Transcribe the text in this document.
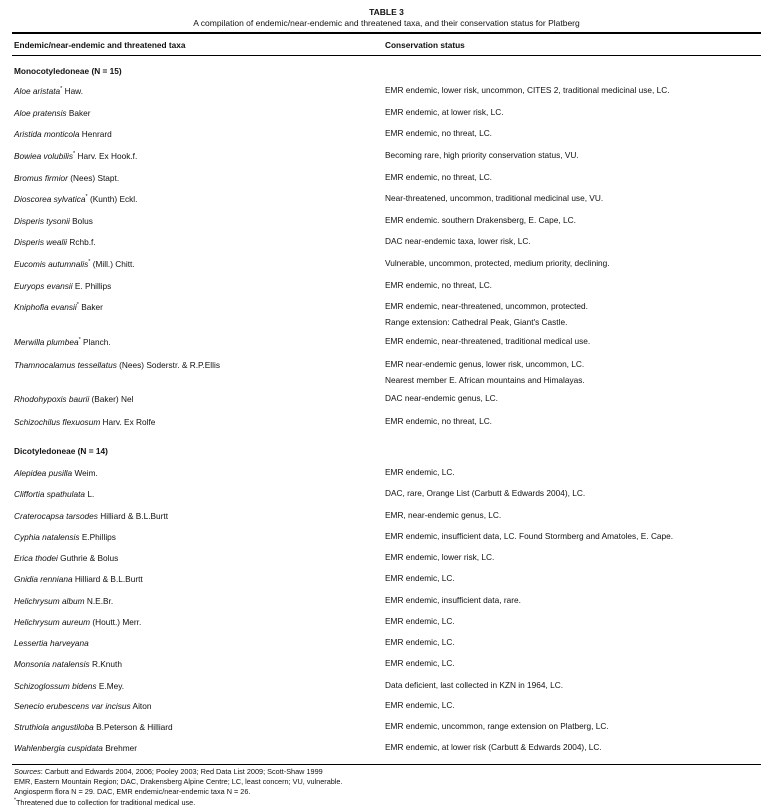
TABLE 3
A compilation of endemic/near-endemic and threatened taxa, and their conservation status for Platberg
Endemic/near-endemic and threatened taxa	Conservation status
Monocotyledoneae (N = 15)
Aloe aristata* Haw.	EMR endemic, lower risk, uncommon, CITES 2, traditional medicinal use, LC.
Aloe pratensis Baker	EMR endemic, at lower risk, LC.
Aristida monticola Henrard	EMR endemic, no threat, LC.
Bowiea volubilis* Harv. Ex Hook.f.	Becoming rare, high priority conservation status, VU.
Bromus firmior (Nees) Stapt.	EMR endemic, no threat, LC.
Dioscorea sylvatica* (Kunth) Eckl.	Near-threatened, uncommon, traditional medicinal use, VU.
Disperis tysonii Bolus	EMR endemic. southern Drakensberg, E. Cape, LC.
Disperis wealii Rchb.f.	DAC near-endemic taxa, lower risk, LC.
Eucomis autumnalis* (Mill.) Chitt.	Vulnerable, uncommon, protected, medium priority, declining.
Euryops evansii E. Phillips	EMR endemic, no threat, LC.
Kniphofia evansii* Baker	EMR endemic, near-threatened, uncommon, protected.
Range extension: Cathedral Peak, Giant's Castle.
Merwilla plumbea* Planch.	EMR endemic, near-threatened, traditional medical use.
Thamnocalamus tessellatus (Nees) Soderstr. & R.P.Ellis	EMR near-endemic genus, lower risk, uncommon, LC.
Nearest member E. African mountains and Himalayas.
Rhodohypoxis baurii (Baker) Nel	DAC near-endemic genus, LC.
Schizochilus flexuosum Harv. Ex Rolfe	EMR endemic, no threat, LC.
Dicotyledoneae (N = 14)
Alepidea pusilla Weim.	EMR endemic, LC.
Cliffortia spathulata L.	DAC, rare, Orange List (Carbutt & Edwards 2004), LC.
Craterocapsa tarsodes Hilliard & B.L.Burtt	EMR, near-endemic genus, LC.
Cyphia natalensis E.Phillips	EMR endemic, insufficient data, LC. Found Stormberg and Amatoles, E. Cape.
Erica thodei Guthrie & Bolus	EMR endemic, lower risk, LC.
Gnidia renniana Hilliard & B.L.Burtt	EMR endemic, LC.
Helichrysum album N.E.Br.	EMR endemic, insufficient data, rare.
Helichrysum aureum (Houtt.) Merr.	EMR endemic, LC.
Lessertia harveyana	EMR endemic, LC.
Monsonia natalensis R.Knuth	EMR endemic, LC.
Schizoglossum bidens E.Mey.	Data deficient, last collected in KZN in 1964, LC.
Senecio erubescens var incisus Aiton	EMR endemic, LC.
Struthiola angustiloba B.Peterson & Hilliard	EMR endemic, uncommon, range extension on Platberg, LC.
Wahlenbergia cuspidata Brehmer	EMR endemic, at lower risk (Carbutt & Edwards 2004), LC.
Sources: Carbutt and Edwards 2004, 2006; Pooley 2003; Red Data List 2009; Scott-Shaw 1999
EMR, Eastern Mountain Region; DAC, Drakensberg Alpine Centre; LC, least concern; VU, vulnerable.
Angiosperm flora N = 29. DAC, EMR endemic/near-endemic taxa N = 26.
*Threatened due to collection for traditional medical use.
